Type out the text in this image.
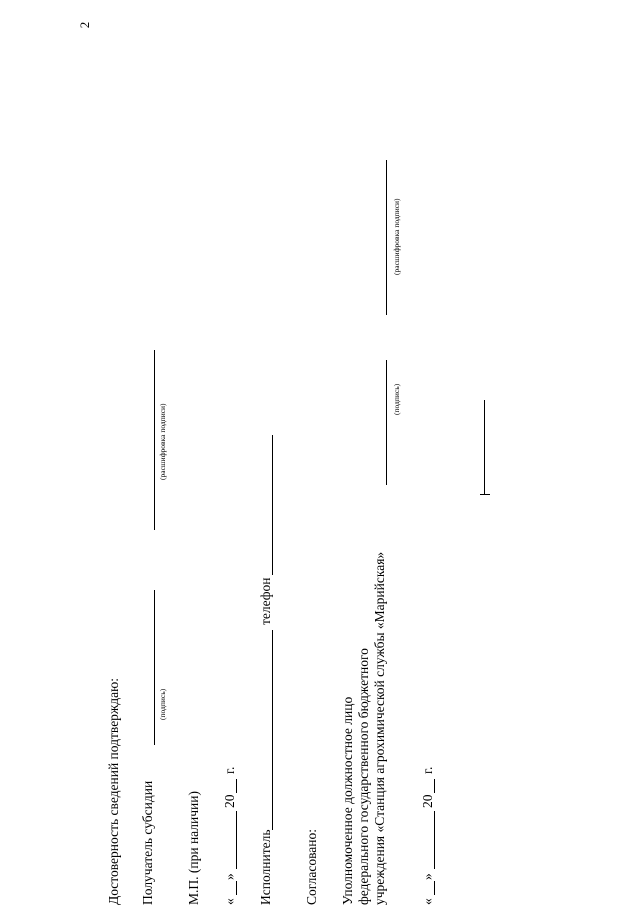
2
Достоверность сведений подтверждаю: Получатель субсидии
(подпись)
(расшифровка подписи)
М.П. (при наличии) «
»
20
г.
Исполнитель
телефон
Согласовано: Уполномоченное должностное лицо федерального государственного бюджетного учреждения «Станция агрохимической службы «Марийская»
(подпись)
(расшифровка подписи)
«
»
20
г.
